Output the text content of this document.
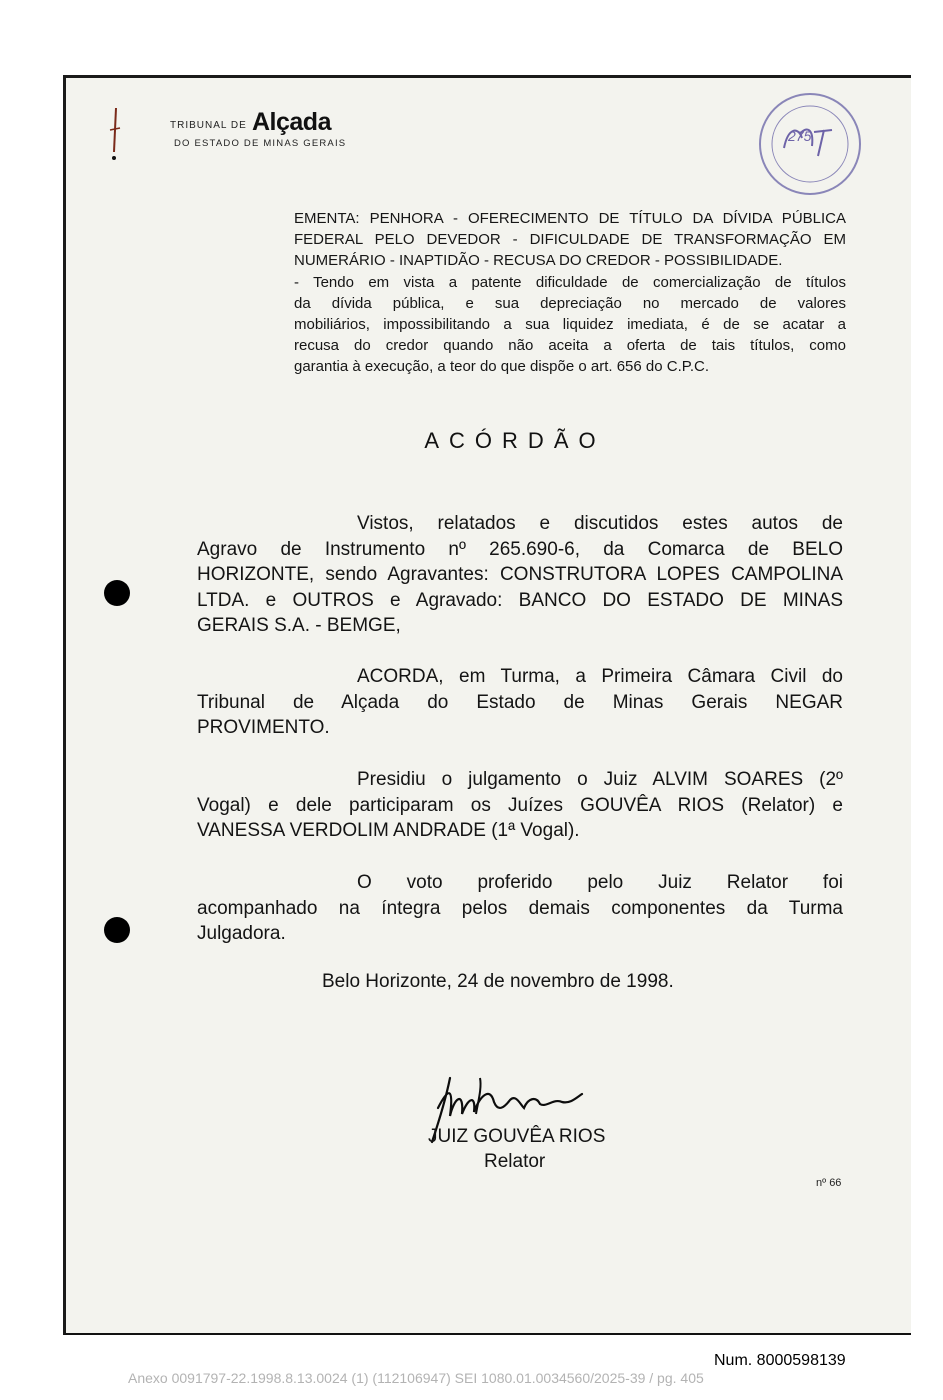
TRIBUNAL DE Alçada
DO ESTADO DE MINAS GERAIS	275
EMENTA: PENHORA - OFERECIMENTO DE TÍTULO DA DÍVIDA PÚBLICA
FEDERAL PELO DEVEDOR - DIFICULDADE DE TRANSFORMAÇÃO EM
NUMERÁRIO - INAPTIDÃO - RECUSA DO CREDOR - POSSIBILIDADE.
- Tendo em vista a patente dificuldade de comercialização de títulos
da dívida pública, e sua depreciação no mercado de valores
mobiliários, impossibilitando a sua liquidez imediata, é de se acatar a
recusa do credor quando não aceita a oferta de tais títulos, como
garantia à execução, a teor do que dispõe o art. 656 do C.P.C.
ACÓRDÃO
Vistos, relatados e discutidos estes autos de
Agravo de Instrumento nº 265.690-6, da Comarca de BELO
HORIZONTE, sendo Agravantes: CONSTRUTORA LOPES CAMPOLINA
LTDA. e OUTROS e Agravado: BANCO DO ESTADO DE MINAS
GERAIS S.A. - BEMGE,
ACORDA, em Turma, a Primeira Câmara Civil do
Tribunal de Alçada do Estado de Minas Gerais NEGAR
PROVIMENTO.
Presidiu o julgamento o Juiz ALVIM SOARES (2º
Vogal) e dele participaram os Juízes GOUVÊA RIOS (Relator) e
VANESSA VERDOLIM ANDRADE (1ª Vogal).
O voto proferido pelo Juiz Relator foi
acompanhado na íntegra pelos demais componentes da Turma
Julgadora.
Belo Horizonte, 24 de novembro de 1998.
JUIZ GOUVÊA RIOS
Relator
nº 66
Num. 8000598139
Anexo 0091797-22.1998.8.13.0024 (1) (112106947) SEI 1080.01.0034560/2025-39 / pg. 405
